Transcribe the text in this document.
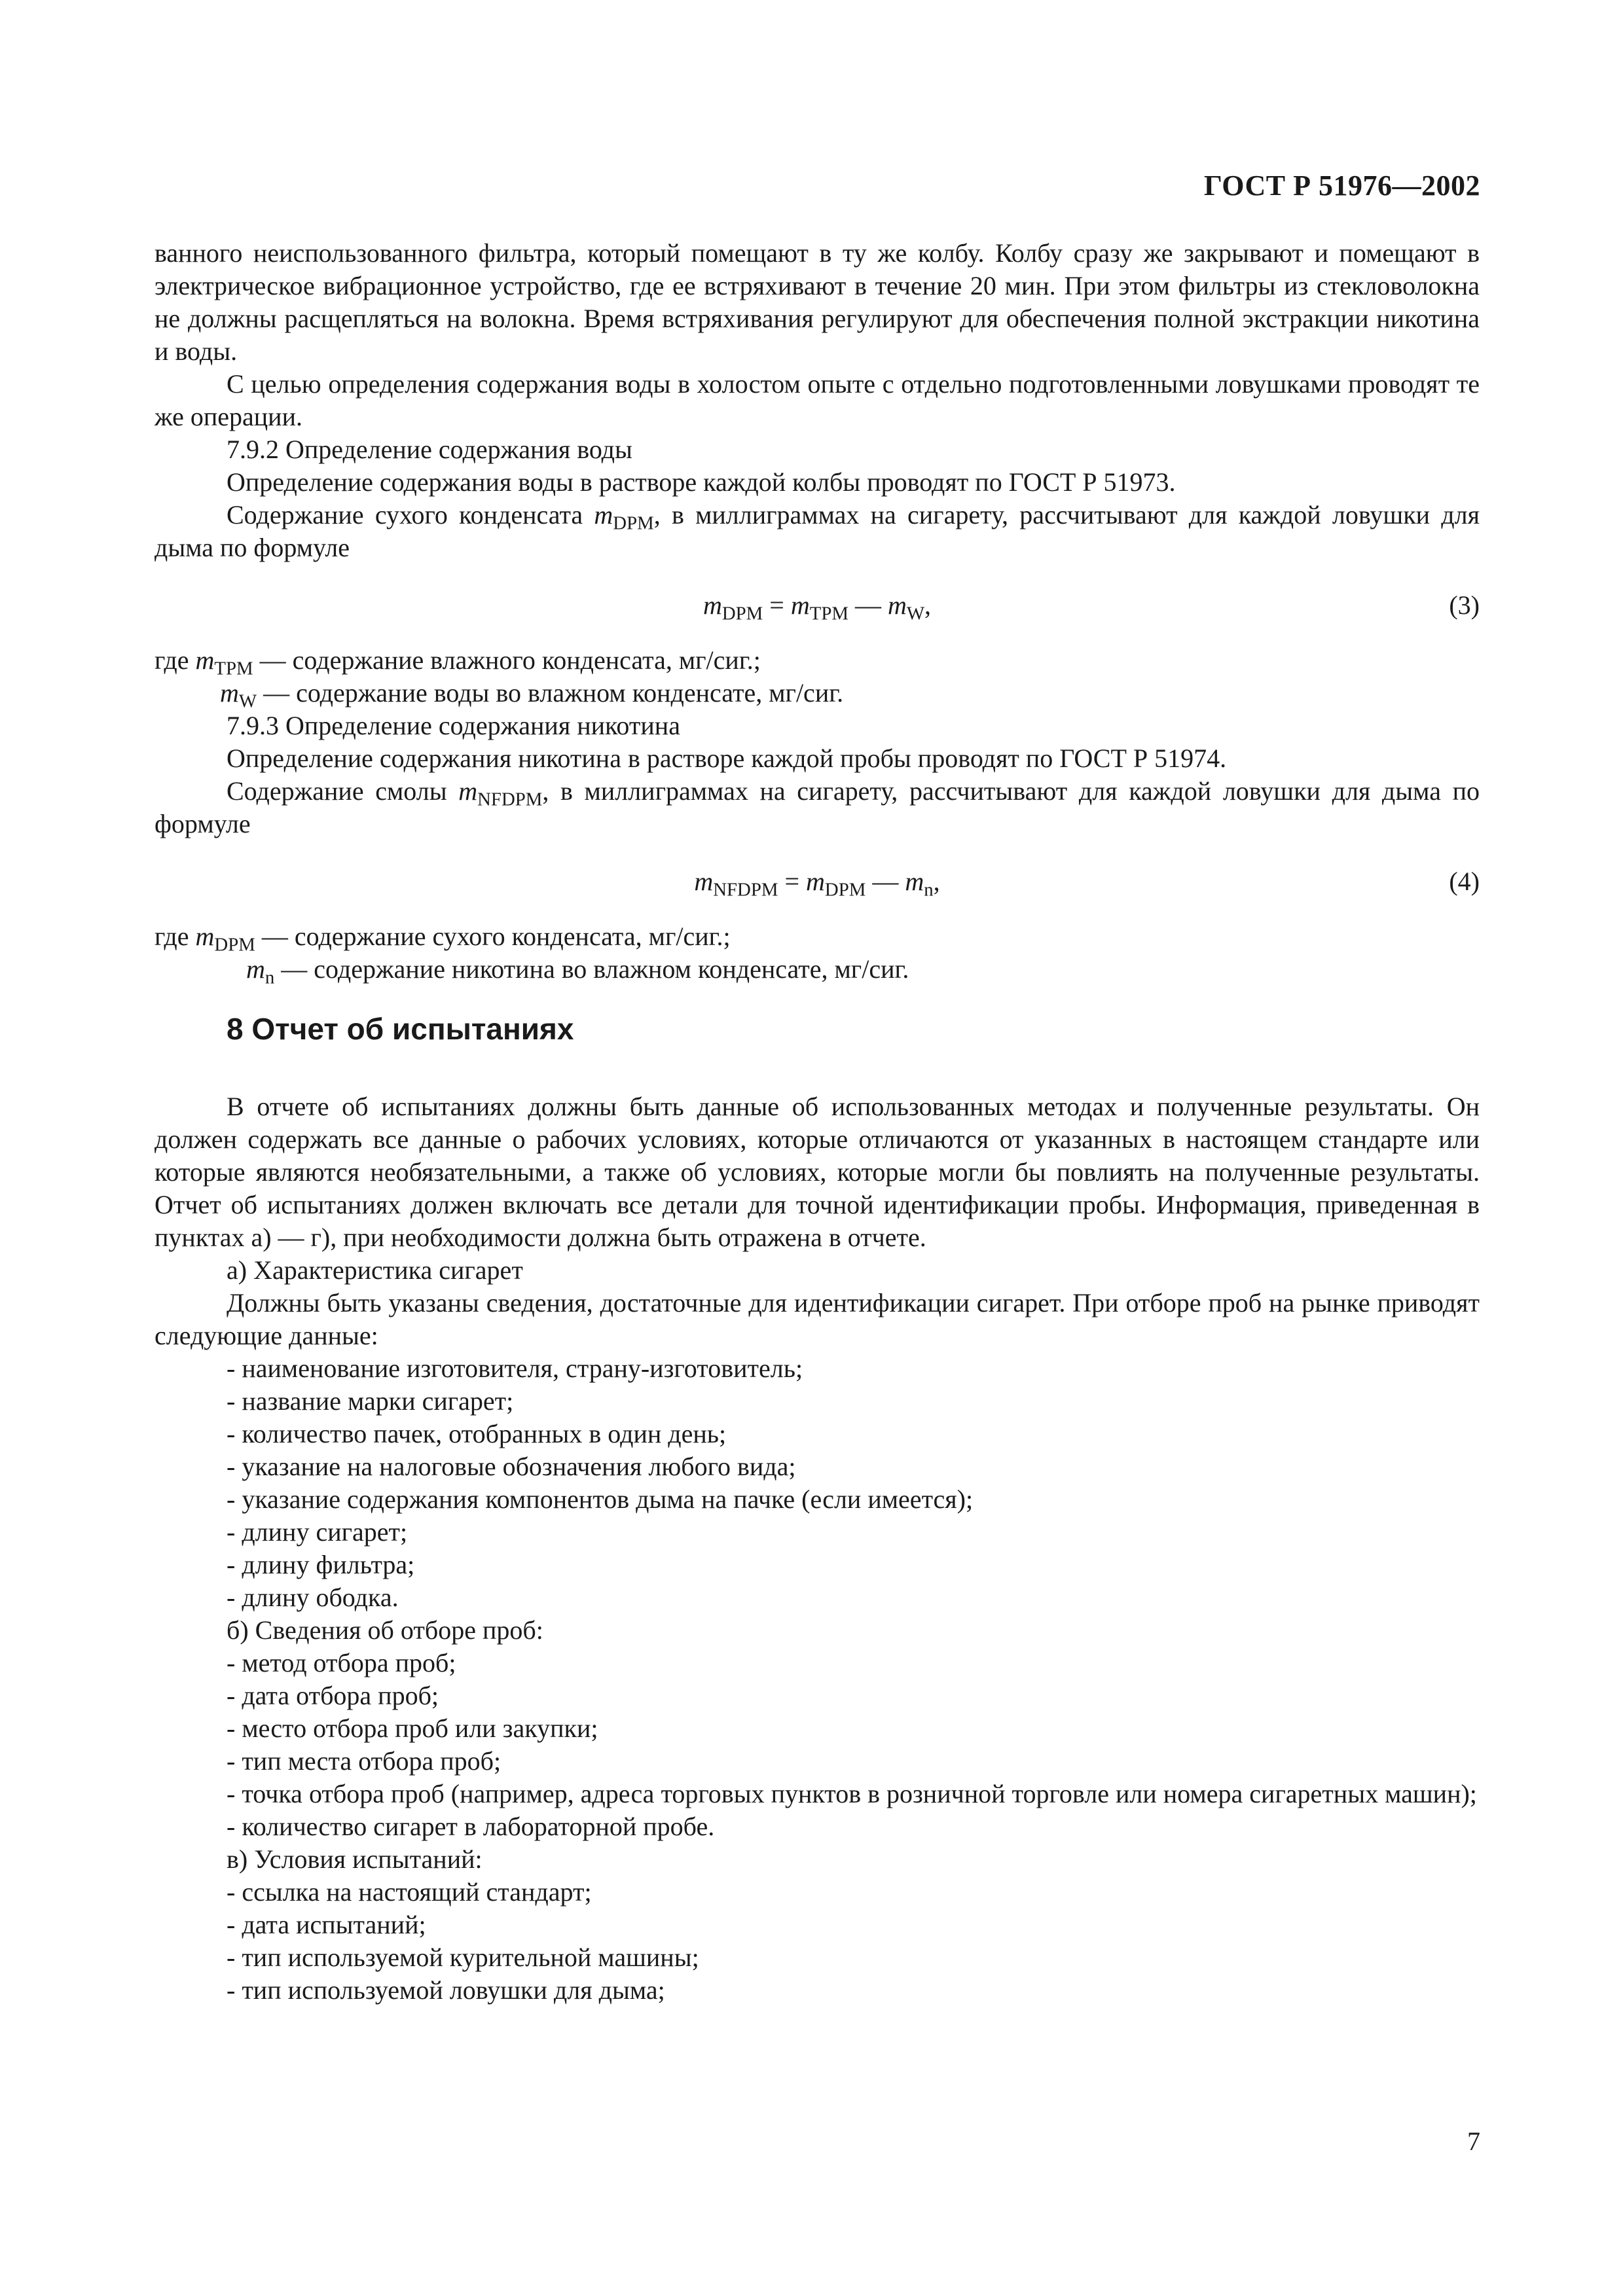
ГОСТ Р 51976—2002

ванного неиспользованного фильтра, который помещают в ту же колбу. Колбу сразу же закрывают и помещают в электрическое вибрационное устройство, где ее встряхивают в течение 20 мин. При этом фильтры из стекловолокна не должны расщепляться на волокна. Время встряхивания регулируют для обеспечения полной экстракции никотина и воды.

С целью определения содержания воды в холостом опыте с отдельно подготовленными ловушками проводят те же операции.

7.9.2 Определение содержания воды

Определение содержания воды в растворе каждой колбы проводят по ГОСТ Р 51973.

Содержание сухого конденсата $m_{DPM}$, в миллиграммах на сигарету, рассчитывают для каждой ловушки для дыма по формуле

$m_{DPM} = m_{TPM}$ — $m_W$,	(3)

где $m_{TPM}$ — содержание влажного конденсата, мг/сиг.;

$m_W$ — содержание воды во влажном конденсате, мг/сиг.

7.9.3 Определение содержания никотина

Определение содержания никотина в растворе каждой пробы проводят по ГОСТ Р 51974.

Содержание смолы $m_{NFDPM}$, в миллиграммах на сигарету, рассчитывают для каждой ловушки для дыма по формуле

$m_{NFDPM} = m_{DPM}$ — $m_n$,	(4)

где $m_{DPM}$ — содержание сухого конденсата, мг/сиг.;

$m_n$ — содержание никотина во влажном конденсате, мг/сиг.

8 Отчет об испытаниях

В отчете об испытаниях должны быть данные об использованных методах и полученные результаты. Он должен содержать все данные о рабочих условиях, которые отличаются от указанных в настоящем стандарте или которые являются необязательными, а также об условиях, которые могли бы повлиять на полученные результаты. Отчет об испытаниях должен включать все детали для точной идентификации пробы. Информация, приведенная в пунктах а) — г), при необходимости должна быть отражена в отчете.

а) Характеристика сигарет

Должны быть указаны сведения, достаточные для идентификации сигарет. При отборе проб на рынке приводят следующие данные:

- наименование изготовителя, страну-изготовитель;

- название марки сигарет;

- количество пачек, отобранных в один день;

- указание на налоговые обозначения любого вида;

- указание содержания компонентов дыма на пачке (если имеется);

- длину сигарет;

- длину фильтра;

- длину ободка.

б) Сведения об отборе проб:

- метод отбора проб;

- дата отбора проб;

- место отбора проб или закупки;

- тип места отбора проб;

- точка отбора проб (например, адреса торговых пунктов в розничной торговле или номера сигаретных машин);

- количество сигарет в лабораторной пробе.

в) Условия испытаний:

- ссылка на настоящий стандарт;

- дата испытаний;

- тип используемой курительной машины;

- тип используемой ловушки для дыма;

7
